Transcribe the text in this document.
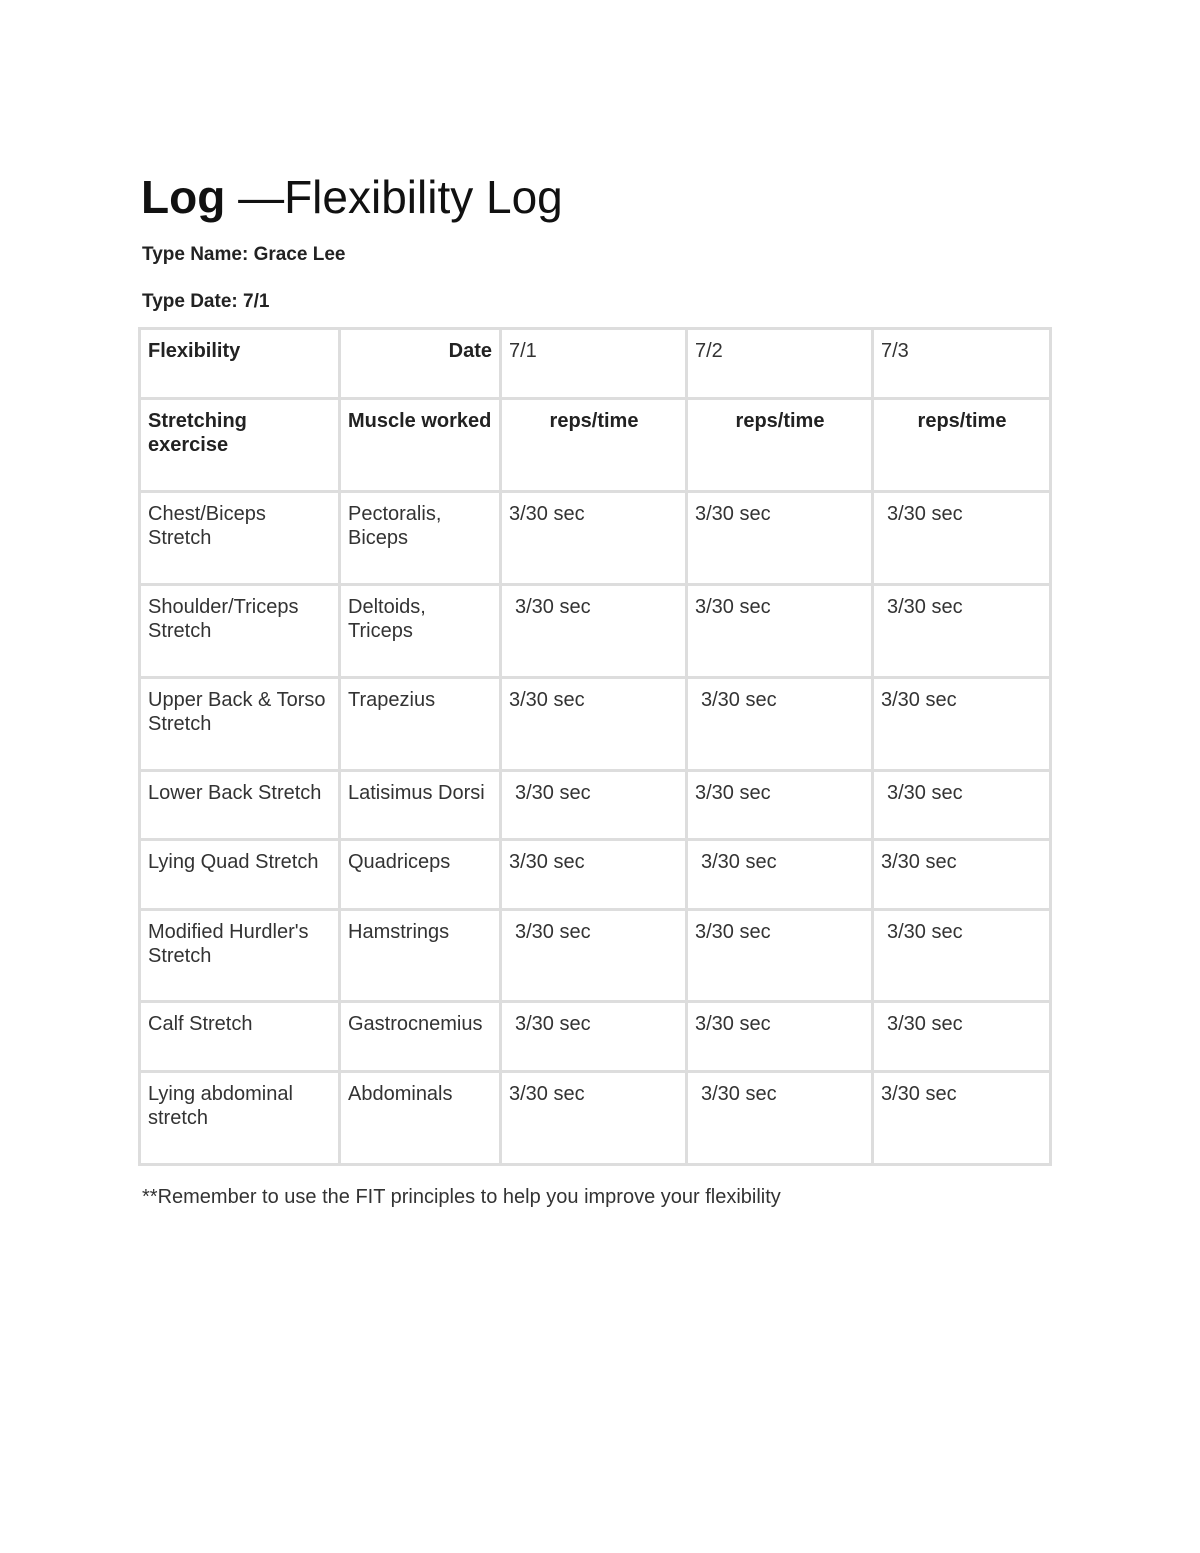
Log —Flexibility Log

Type Name: Grace Lee

Type Date: 7/1

Flexibility	Date	7/1	7/2	7/3
Stretching exercise	Muscle worked	reps/time	reps/time	reps/time
Chest/Biceps Stretch	Pectoralis, Biceps	3/30 sec	3/30 sec	3/30 sec
Shoulder/Triceps Stretch	Deltoids, Triceps	3/30 sec	3/30 sec	3/30 sec
Upper Back & Torso Stretch	Trapezius	3/30 sec	3/30 sec	3/30 sec
Lower Back Stretch	Latisimus Dorsi	3/30 sec	3/30 sec	3/30 sec
Lying Quad Stretch	Quadriceps	3/30 sec	3/30 sec	3/30 sec
Modified Hurdler's Stretch	Hamstrings	3/30 sec	3/30 sec	3/30 sec
Calf Stretch	Gastrocnemius	3/30 sec	3/30 sec	3/30 sec
Lying abdominal stretch	Abdominals	3/30 sec	3/30 sec	3/30 sec

**Remember to use the FIT principles to help you improve your flexibility
